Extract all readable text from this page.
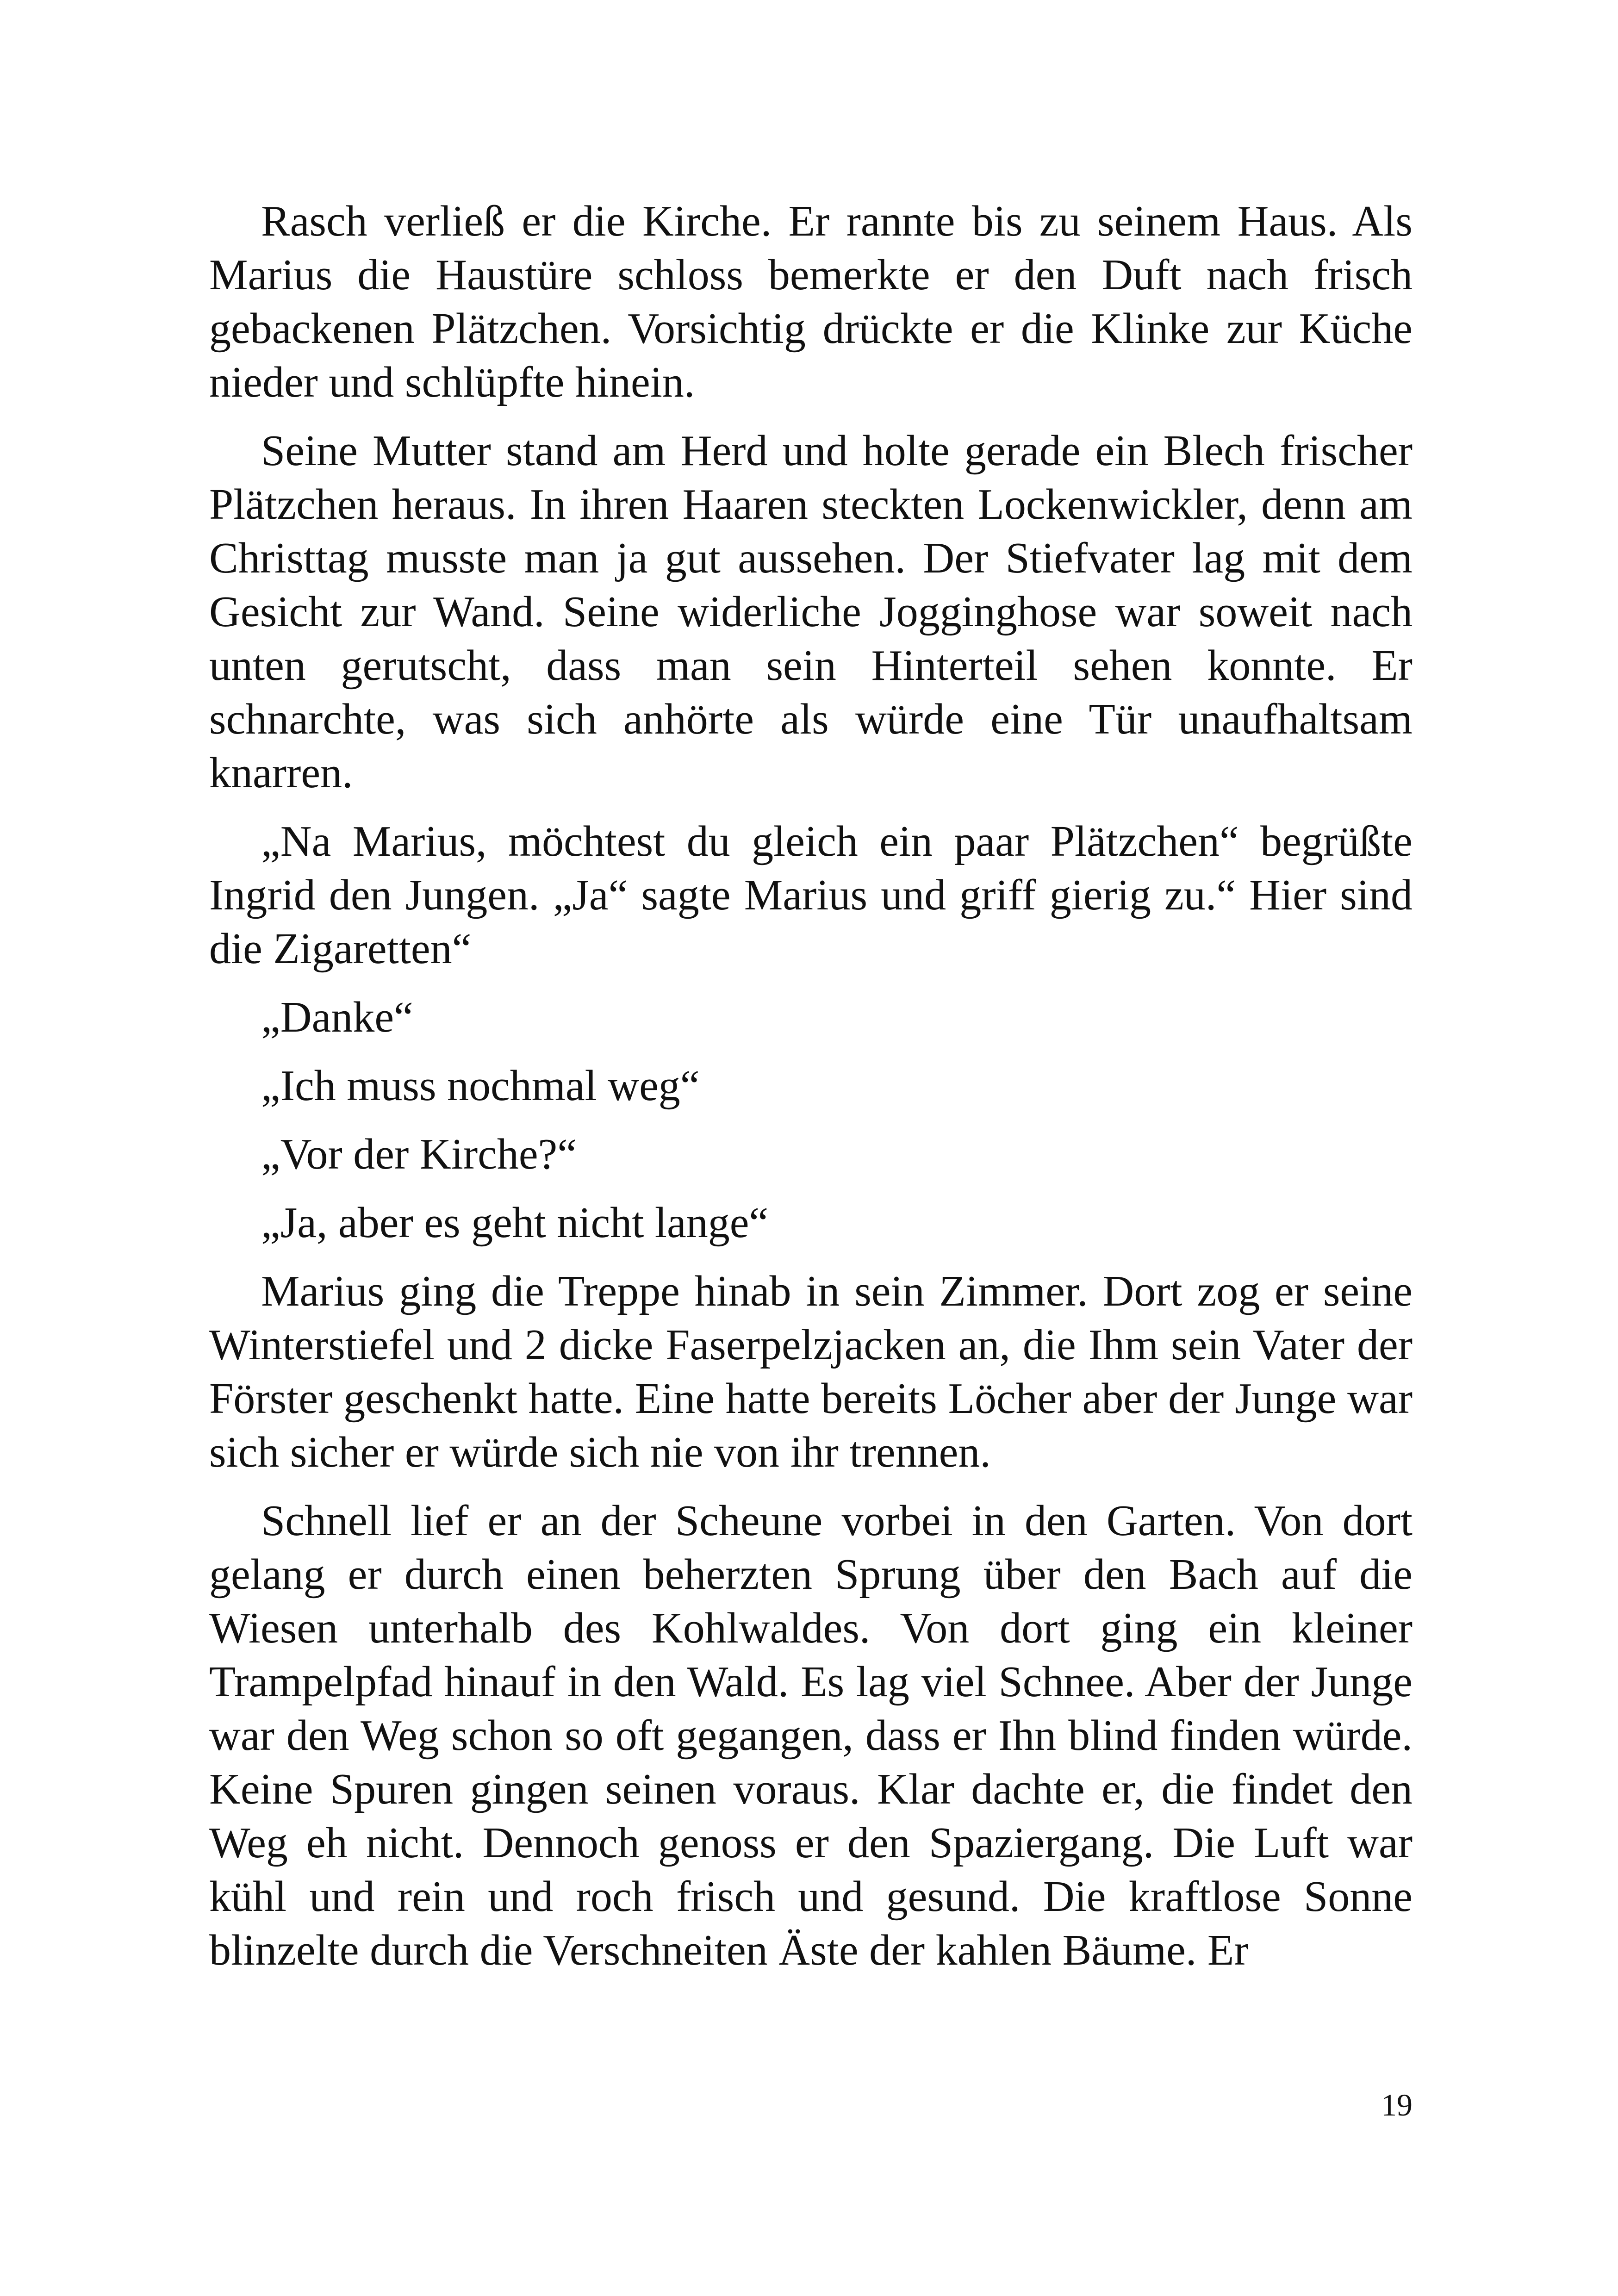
Rasch verließ er die Kirche. Er rannte bis zu seinem Haus. Als Marius die Haustüre schloss bemerkte er den Duft nach frisch gebackenen Plätzchen. Vorsichtig drückte er die Klinke zur Küche nieder und schlüpfte hinein.

Seine Mutter stand am Herd und holte gerade ein Blech frischer Plätzchen heraus. In ihren Haaren steckten Lockenwickler, denn am Christtag musste man ja gut aussehen. Der Stiefvater lag mit dem Gesicht zur Wand. Seine widerliche Jogginghose war soweit nach unten gerutscht, dass man sein Hinterteil sehen konnte. Er schnarchte, was sich anhörte als würde eine Tür unaufhaltsam knarren.

„Na Marius, möchtest du gleich ein paar Plätzchen“ begrüßte Ingrid den Jungen. „Ja“ sagte Marius und griff gierig zu.“ Hier sind die Zigaretten“

„Danke“

„Ich muss nochmal weg“

„Vor der Kirche?“

„Ja, aber es geht nicht lange“

Marius ging die Treppe hinab in sein Zimmer. Dort zog er seine Winterstiefel und 2 dicke Faserpelzjacken an, die Ihm sein Vater der Förster geschenkt hatte. Eine hatte bereits Löcher aber der Junge war sich sicher er würde sich nie von ihr trennen.

Schnell lief er an der Scheune vorbei in den Garten. Von dort gelang er durch einen beherzten Sprung über den Bach auf die Wiesen unterhalb des Kohlwaldes. Von dort ging ein kleiner Trampelpfad hinauf in den Wald. Es lag viel Schnee. Aber der Junge war den Weg schon so oft gegangen, dass er Ihn blind finden würde. Keine Spuren gingen seinen voraus. Klar dachte er, die findet den Weg eh nicht. Dennoch genoss er den Spaziergang. Die Luft war kühl und rein und roch frisch und gesund. Die kraftlose Sonne blinzelte durch die Verschneiten Äste der kahlen Bäume. Er

19
